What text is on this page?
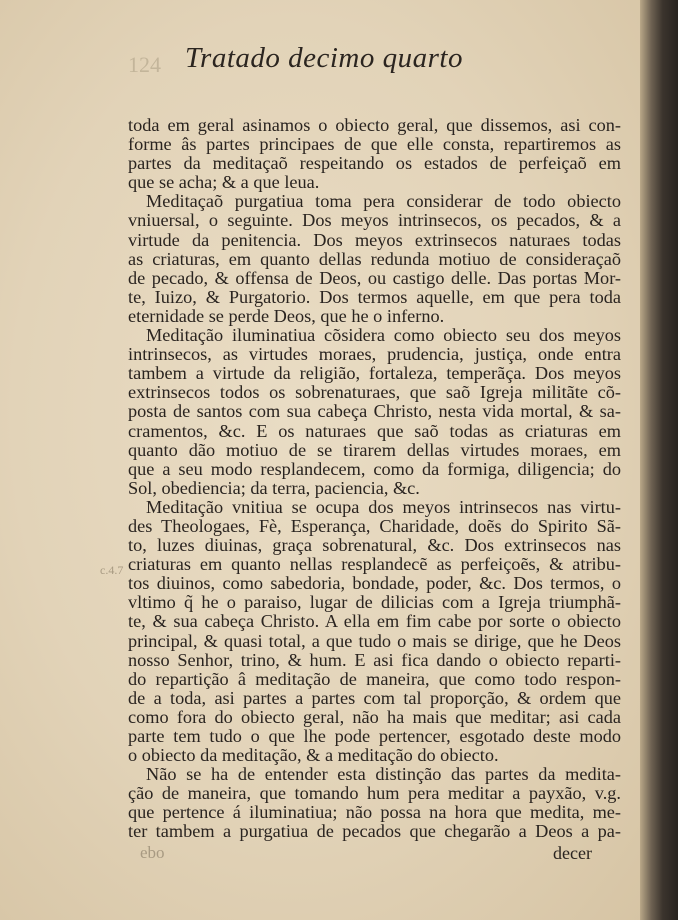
124 Tratado decimo quarto
c.4.7
toda em geral asinamos o obiecto geral, que dissemos, asi con-
forme âs partes principaes de que elle consta, repartiremos as
partes da meditaçaõ respeitando os estados de perfeiçaõ em
que se acha; & a que leua.
Meditaçaõ purgatiua toma pera considerar de todo obiecto
vniuersal, o seguinte. Dos meyos intrinsecos, os pecados, & a
virtude da penitencia. Dos meyos extrinsecos naturaes todas
as criaturas, em quanto dellas redunda motiuo de consideraçaõ
de pecado, & offensa de Deos, ou castigo delle. Das portas Mor-
te, Iuizo, & Purgatorio. Dos termos aquelle, em que pera toda
eternidade se perde Deos, que he o inferno.
Meditação iluminatiua cõsidera como obiecto seu dos meyos
intrinsecos, as virtudes moraes, prudencia, justiça, onde entra
tambem a virtude da religião, fortaleza, temperãça. Dos meyos
extrinsecos todos os sobrenaturaes, que saõ Igreja militãte cõ-
posta de santos com sua cabeça Christo, nesta vida mortal, & sa-
cramentos, &c. E os naturaes que saõ todas as criaturas em
quanto dão motiuo de se tirarem dellas virtudes moraes, em
que a seu modo resplandecem, como da formiga, diligencia; do
Sol, obediencia; da terra, paciencia, &c.
Meditação vnitiua se ocupa dos meyos intrinsecos nas virtu-
des Theologaes, Fè, Esperança, Charidade, doẽs do Spirito Sã-
to, luzes diuinas, graça sobrenatural, &c. Dos extrinsecos nas
criaturas em quanto nellas resplandecẽ as perfeiçoẽs, & atribu-
tos diuinos, como sabedoria, bondade, poder, &c. Dos termos, o
vltimo q̃ he o paraiso, lugar de dilicias com a Igreja triumphã-
te, & sua cabeça Christo. A ella em fim cabe por sorte o obiecto
principal, & quasi total, a que tudo o mais se dirige, que he Deos
nosso Senhor, trino, & hum. E asi fica dando o obiecto reparti-
do repartição â meditação de maneira, que como todo respon-
de a toda, asi partes a partes com tal proporção, & ordem que
como fora do obiecto geral, não ha mais que meditar; asi cada
parte tem tudo o que lhe pode pertencer, esgotado deste modo
o obiecto da meditação, & a meditação do obiecto.
Não se ha de entender esta distinção das partes da medita-
ção de maneira, que tomando hum pera meditar a payxão, v.g.
que pertence á iluminatiua; não possa na hora que medita, me-
ter tambem a purgatiua de pecados que chegarão a Deos a pa-
ebo	decer
